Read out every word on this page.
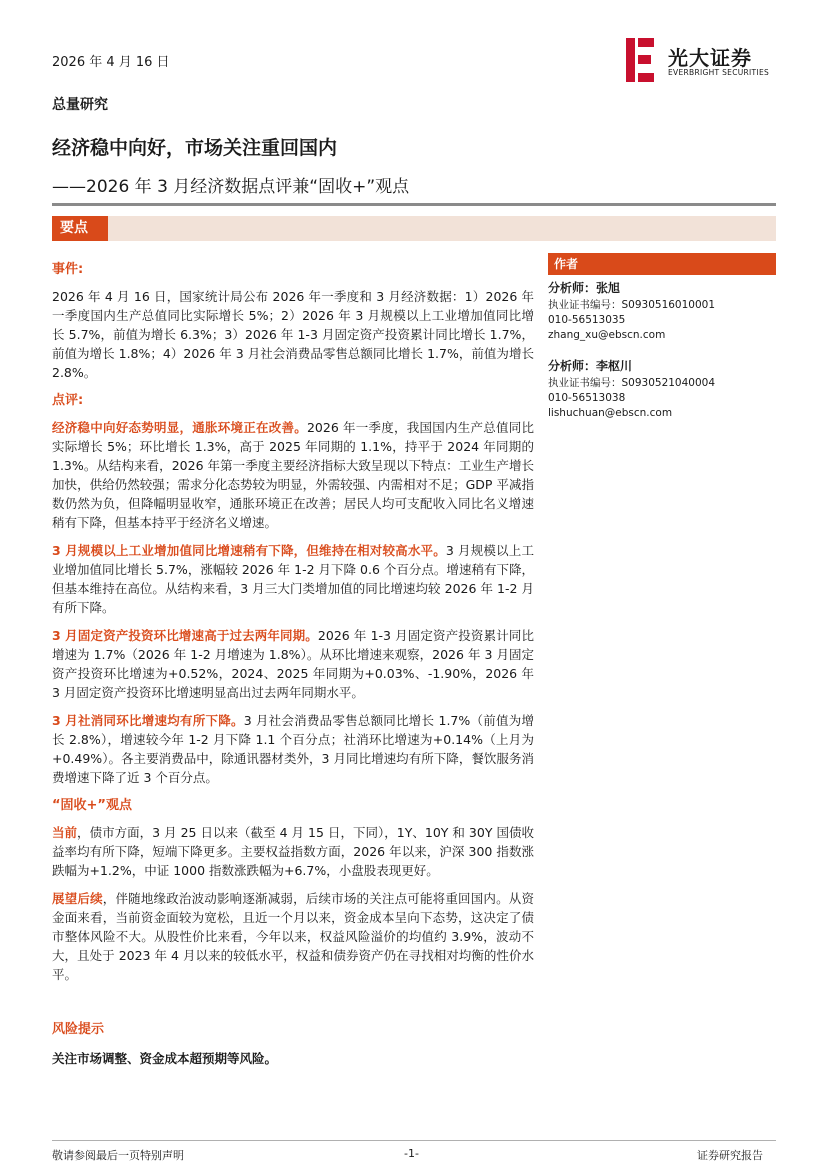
2026 年 4 月 16 日	光大证券
EVERBRIGHT SECURITIES
总量研究
经济稳中向好，市场关注重回国内
——2026 年 3 月经济数据点评兼“固收+”观点
要点
事件:

2026 年 4 月 16 日，国家统计局公布 2026 年一季度和 3 月经济数据：1）2026 年一季度国内生产总值同比实际增长 5%；2）2026 年 3 月规模以上工业增加值同比增长 5.7%，前值为增长 6.3%；3）2026 年 1-3 月固定资产投资累计同比增长 1.7%，前值为增长 1.8%；4）2026 年 3 月社会消费品零售总额同比增长 1.7%，前值为增长 2.8%。

点评:

经济稳中向好态势明显，通胀环境正在改善。2026 年一季度，我国国内生产总值同比实际增长 5%；环比增长 1.3%，高于 2025 年同期的 1.1%，持平于 2024 年同期的 1.3%。从结构来看，2026 年第一季度主要经济指标大致呈现以下特点：工业生产增长加快，供给仍然较强；需求分化态势较为明显，外需较强、内需相对不足；GDP 平减指数仍然为负，但降幅明显收窄，通胀环境正在改善；居民人均可支配收入同比名义增速稍有下降，但基本持平于经济名义增速。

3 月规模以上工业增加值同比增速稍有下降，但维持在相对较高水平。3 月规模以上工业增加值同比增长 5.7%，涨幅较 2026 年 1-2 月下降 0.6 个百分点。增速稍有下降，但基本维持在高位。从结构来看，3 月三大门类增加值的同比增速均较 2026 年 1-2 月有所下降。

3 月固定资产投资环比增速高于过去两年同期。2026 年 1-3 月固定资产投资累计同比增速为 1.7%（2026 年 1-2 月增速为 1.8%）。从环比增速来观察，2026 年 3 月固定资产投资环比增速为+0.52%，2024、2025 年同期为+0.03%、-1.90%，2026 年 3 月固定资产投资环比增速明显高出过去两年同期水平。

3 月社消同环比增速均有所下降。3 月社会消费品零售总额同比增长 1.7%（前值为增长 2.8%），增速较今年 1-2 月下降 1.1 个百分点；社消环比增速为+0.14%（上月为+0.49%）。各主要消费品中，除通讯器材类外，3 月同比增速均有所下降，餐饮服务消费增速下降了近 3 个百分点。

“固收+”观点

当前，债市方面，3 月 25 日以来（截至 4 月 15 日，下同），1Y、10Y 和 30Y 国债收益率均有所下降，短端下降更多。主要权益指数方面，2026 年以来，沪深 300 指数涨跌幅为+1.2%，中证 1000 指数涨跌幅为+6.7%，小盘股表现更好。

展望后续，伴随地缘政治波动影响逐渐减弱，后续市场的关注点可能将重回国内。从资金面来看，当前资金面较为宽松，且近一个月以来，资金成本呈向下态势，这决定了债市整体风险不大。从股性价比来看，今年以来，权益风险溢价的均值约 3.9%，波动不大，且处于 2023 年 4 月以来的较低水平，权益和债券资产仍在寻找相对均衡的性价水平。

作者
分析师：张旭
执业证书编号：S0930516010001
010-56513035
zhang_xu@ebscn.com
分析师：李枢川
执业证书编号：S0930521040004
010-56513038
lishuchuan@ebscn.com
风险提示

关注市场调整、资金成本超预期等风险。

敬请参阅最后一页特别声明	-1-	证券研究报告
